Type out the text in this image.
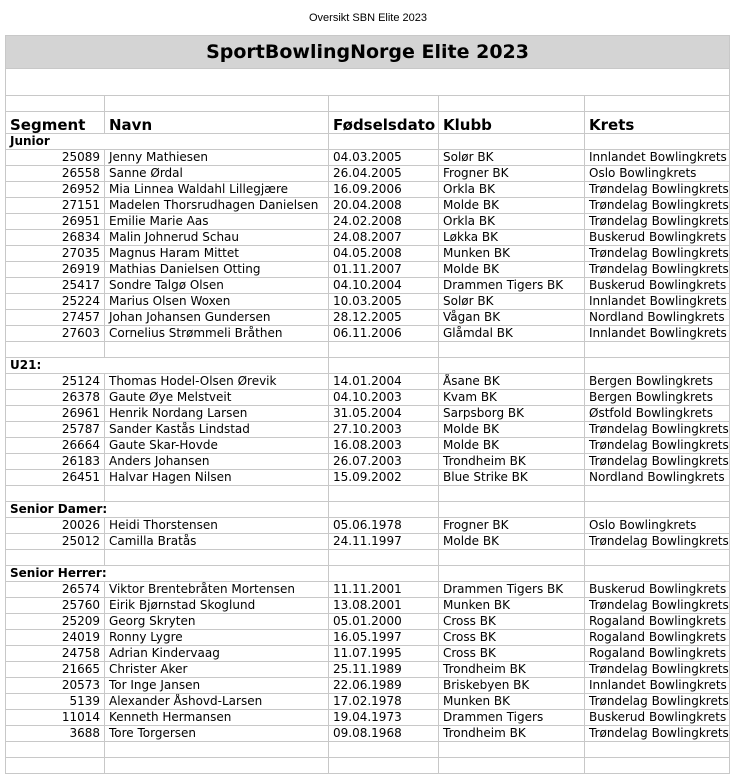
Oversikt SBN Elite 2023
SportBowlingNorge Elite 2023				

Segment	Navn	Fødselsdato	Klubb	Krets
Junior				
25089	Jenny Mathiesen	04.03.2005	Solør BK	Innlandet Bowlingkrets
26558	Sanne Ørdal	26.04.2005	Frogner BK	Oslo Bowlingkrets
26952	Mia Linnea Waldahl Lillegjære	16.09.2006	Orkla BK	Trøndelag Bowlingkrets
27151	Madelen Thorsrudhagen Danielsen	20.04.2008	Molde BK	Trøndelag Bowlingkrets
26951	Emilie Marie Aas	24.02.2008	Orkla BK	Trøndelag Bowlingkrets
26834	Malin Johnerud Schau	24.08.2007	Løkka BK	Buskerud Bowlingkrets
27035	Magnus Haram Mittet	04.05.2008	Munken BK	Trøndelag Bowlingkrets
26919	Mathias Danielsen Otting	01.11.2007	Molde BK	Trøndelag Bowlingkrets
25417	Sondre Talgø Olsen	04.10.2004	Drammen Tigers BK	Buskerud Bowlingkrets
25224	Marius Olsen Woxen	10.03.2005	Solør BK	Innlandet Bowlingkrets
27457	Johan Johansen Gundersen	28.12.2005	Vågan BK	Nordland Bowlingkrets
27603	Cornelius Strømmeli Bråthen	06.11.2006	Glåmdal BK	Innlandet Bowlingkrets

U21:				
25124	Thomas Hodel-Olsen Ørevik	14.01.2004	Åsane BK	Bergen Bowlingkrets
26378	Gaute Øye Melstveit	04.10.2003	Kvam BK	Bergen Bowlingkrets
26961	Henrik Nordang Larsen	31.05.2004	Sarpsborg BK	Østfold Bowlingkrets
25787	Sander Kastås Lindstad	27.10.2003	Molde BK	Trøndelag Bowlingkrets
26664	Gaute Skar-Hovde	16.08.2003	Molde BK	Trøndelag Bowlingkrets
26183	Anders Johansen	26.07.2003	Trondheim BK	Trøndelag Bowlingkrets
26451	Halvar Hagen Nilsen	15.09.2002	Blue Strike BK	Nordland Bowlingkrets

Senior Damer:				
20026	Heidi Thorstensen	05.06.1978	Frogner BK	Oslo Bowlingkrets
25012	Camilla Bratås	24.11.1997	Molde BK	Trøndelag Bowlingkrets

Senior Herrer:				
26574	Viktor Brentebråten Mortensen	11.11.2001	Drammen Tigers BK	Buskerud Bowlingkrets
25760	Eirik Bjørnstad Skoglund	13.08.2001	Munken BK	Trøndelag Bowlingkrets
25209	Georg Skryten	05.01.2000	Cross BK	Rogaland Bowlingkrets
24019	Ronny Lygre	16.05.1997	Cross BK	Rogaland Bowlingkrets
24758	Adrian Kindervaag	11.07.1995	Cross BK	Rogaland Bowlingkrets
21665	Christer Aker	25.11.1989	Trondheim BK	Trøndelag Bowlingkrets
20573	Tor Inge Jansen	22.06.1989	Briskebyen BK	Innlandet Bowlingkrets
5139	Alexander Åshovd-Larsen	17.02.1978	Munken BK	Trøndelag Bowlingkrets
11014	Kenneth Hermansen	19.04.1973	Drammen Tigers	Buskerud Bowlingkrets
3688	Tore Torgersen	09.08.1968	Trondheim BK	Trøndelag Bowlingkrets
